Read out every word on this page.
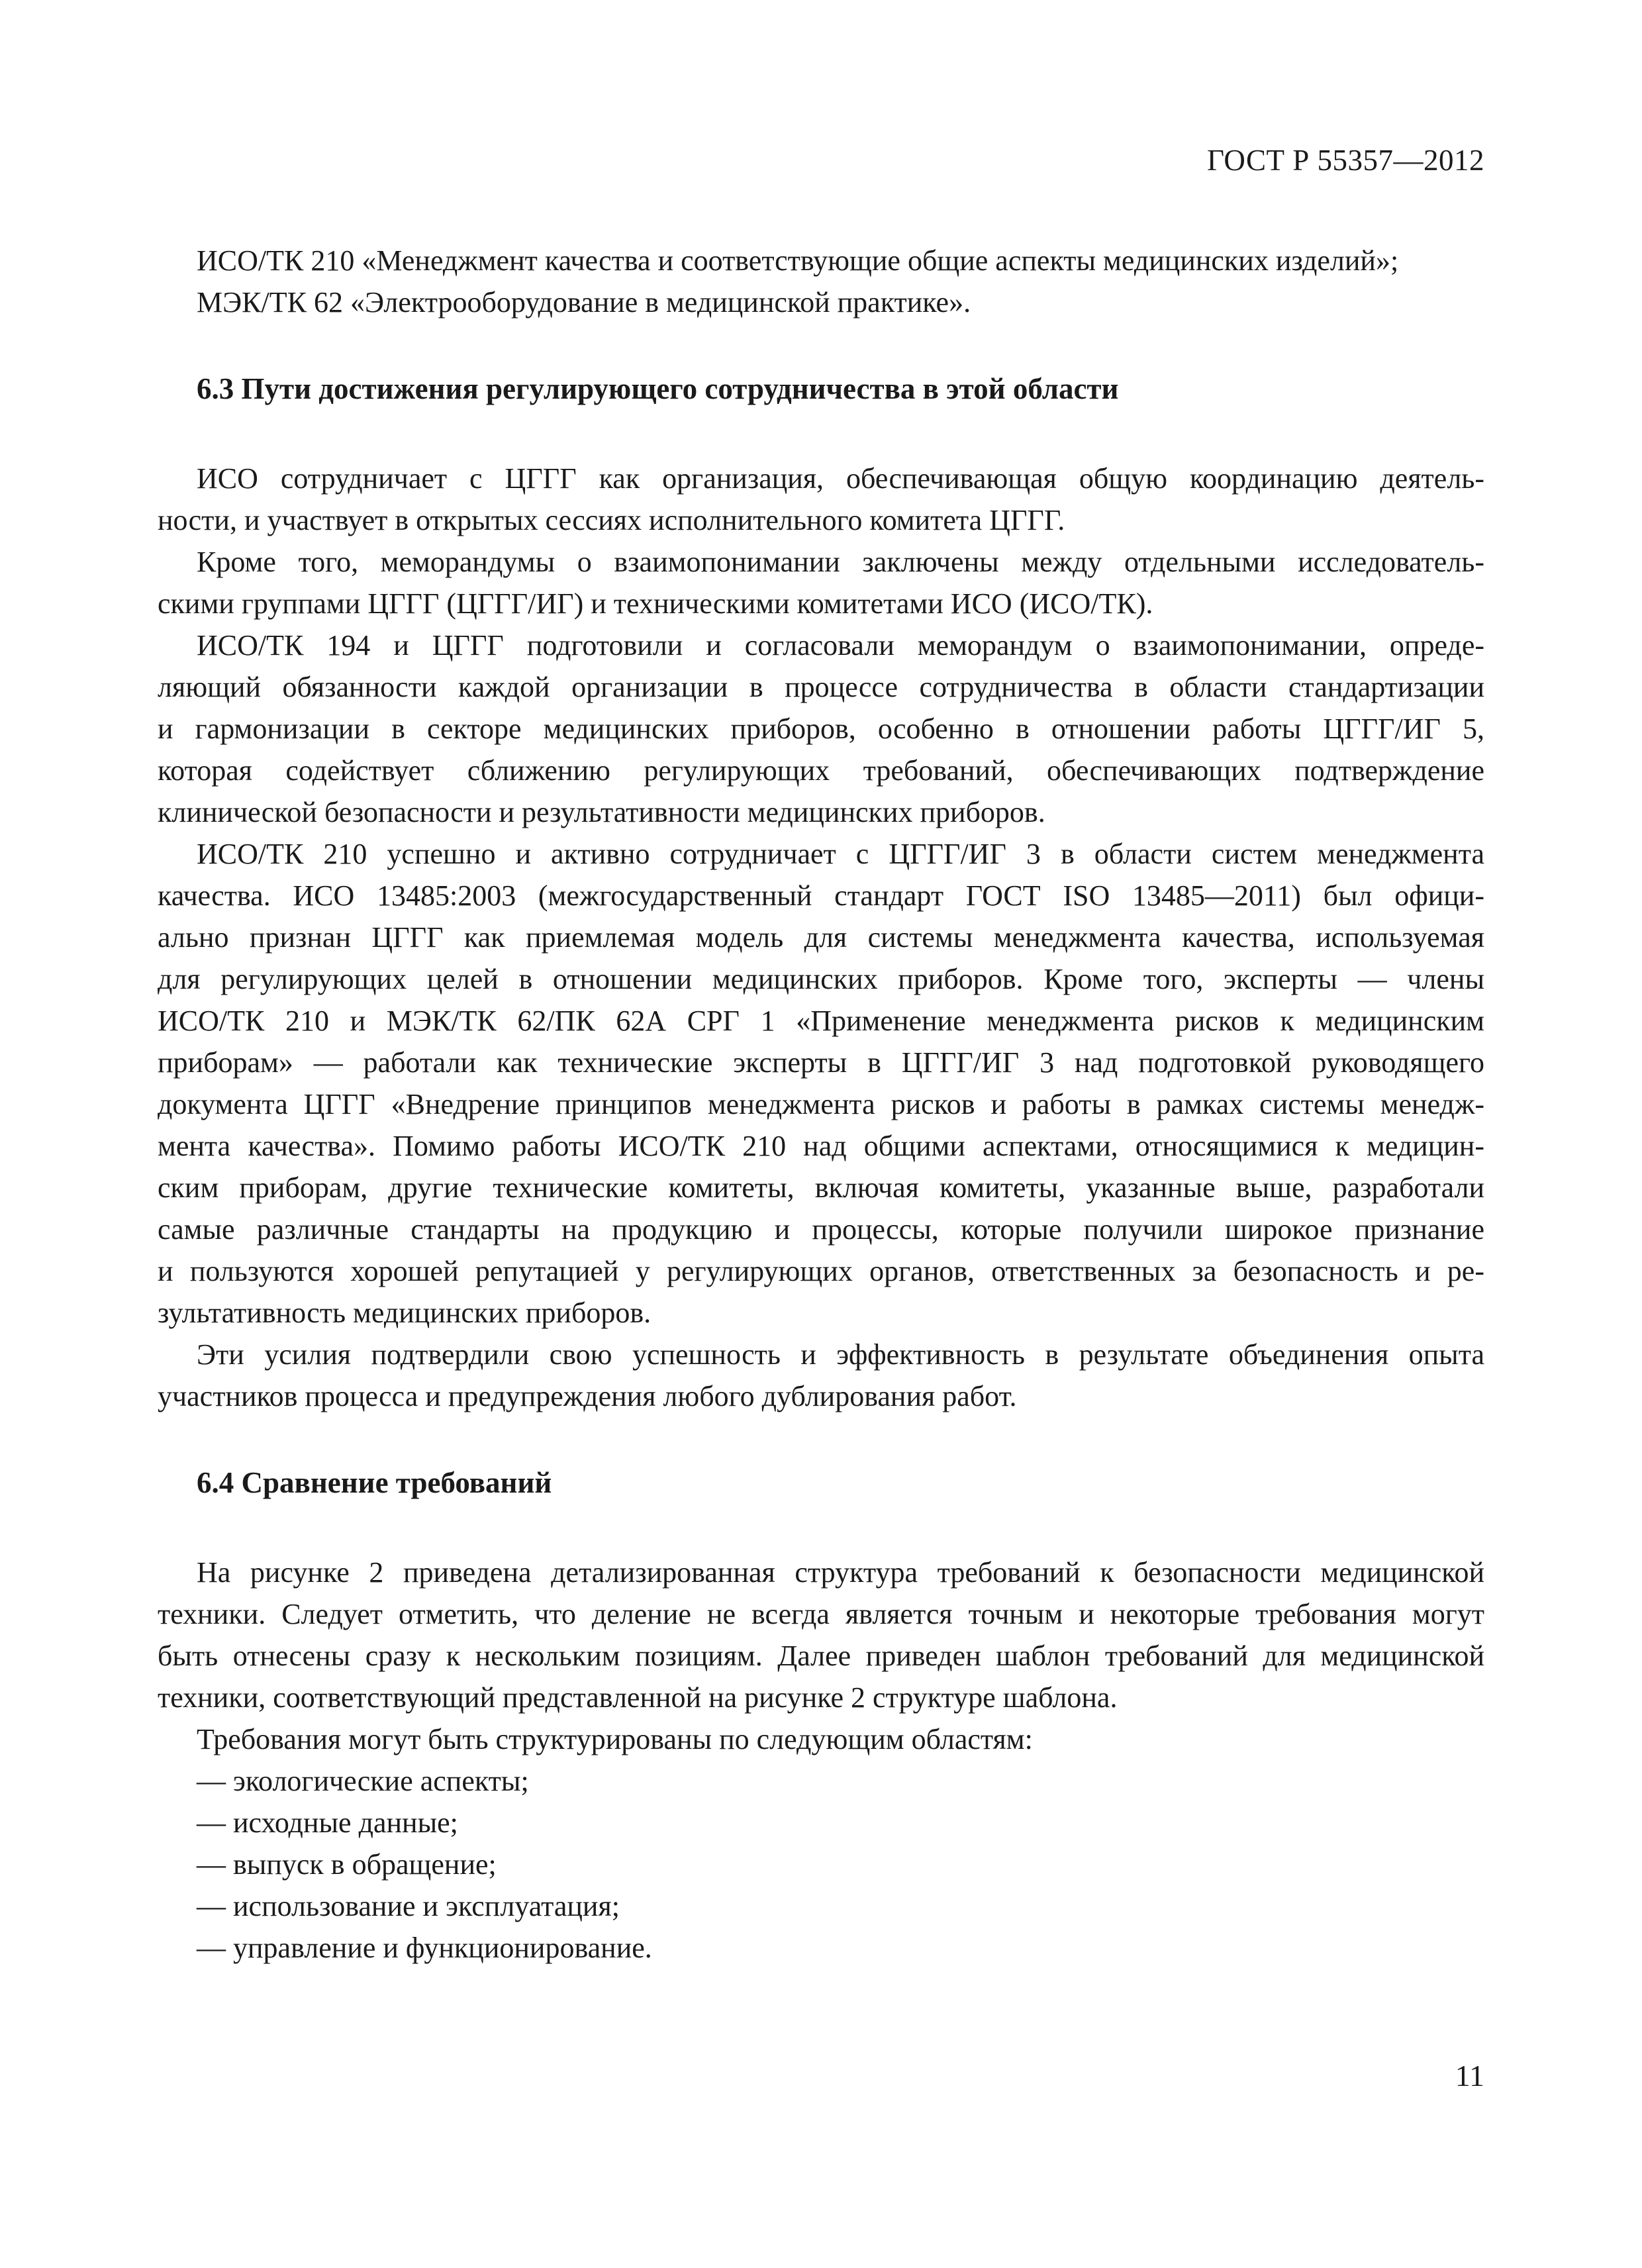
ГОСТ Р 55357—2012
ИСО/ТК 210 «Менеджмент качества и соответствующие общие аспекты медицинских изделий»;
МЭК/ТК 62 «Электрооборудование в медицинской практике».
6.3 Пути достижения регулирующего сотрудничества в этой области
ИСО сотрудничает с ЦГГГ как организация, обеспечивающая общую координацию деятель-
ности, и участвует в открытых сессиях исполнительного комитета ЦГГГ.
Кроме того, меморандумы о взаимопонимании заключены между отдельными исследователь-
скими группами ЦГГГ (ЦГГГ/ИГ) и техническими комитетами ИСО (ИСО/ТК).
ИСО/ТК 194 и ЦГГГ подготовили и согласовали меморандум о взаимопонимании, опреде-
ляющий обязанности каждой организации в процессе сотрудничества в области стандартизации
и гармонизации в секторе медицинских приборов, особенно в отношении работы ЦГГГ/ИГ 5,
которая содействует сближению регулирующих требований, обеспечивающих подтверждение
клинической безопасности и результативности медицинских приборов.
ИСО/ТК 210 успешно и активно сотрудничает с ЦГГГ/ИГ 3 в области систем менеджмента
качества. ИСО 13485:2003 (межгосударственный стандарт ГОСТ ISO 13485—2011) был офици-
ально признан ЦГГГ как приемлемая модель для системы менеджмента качества, используемая
для регулирующих целей в отношении медицинских приборов. Кроме того, эксперты — члены
ИСО/ТК 210 и МЭК/ТК 62/ПК 62А СРГ 1 «Применение менеджмента рисков к медицинским
приборам» — работали как технические эксперты в ЦГГГ/ИГ 3 над подготовкой руководящего
документа ЦГГГ «Внедрение принципов менеджмента рисков и работы в рамках системы менедж-
мента качества». Помимо работы ИСО/ТК 210 над общими аспектами, относящимися к медицин-
ским приборам, другие технические комитеты, включая комитеты, указанные выше, разработали
самые различные стандарты на продукцию и процессы, которые получили широкое признание
и пользуются хорошей репутацией у регулирующих органов, ответственных за безопасность и ре-
зультативность медицинских приборов.
Эти усилия подтвердили свою успешность и эффективность в результате объединения опыта
участников процесса и предупреждения любого дублирования работ.
6.4 Сравнение требований
На рисунке 2 приведена детализированная структура требований к безопасности медицинской
техники. Следует отметить, что деление не всегда является точным и некоторые требования могут
быть отнесены сразу к нескольким позициям. Далее приведен шаблон требований для медицинской
техники, соответствующий представленной на рисунке 2 структуре шаблона.
Требования могут быть структурированы по следующим областям:
— экологические аспекты;
— исходные данные;
— выпуск в обращение;
— использование и эксплуатация;
— управление и функционирование.
11
